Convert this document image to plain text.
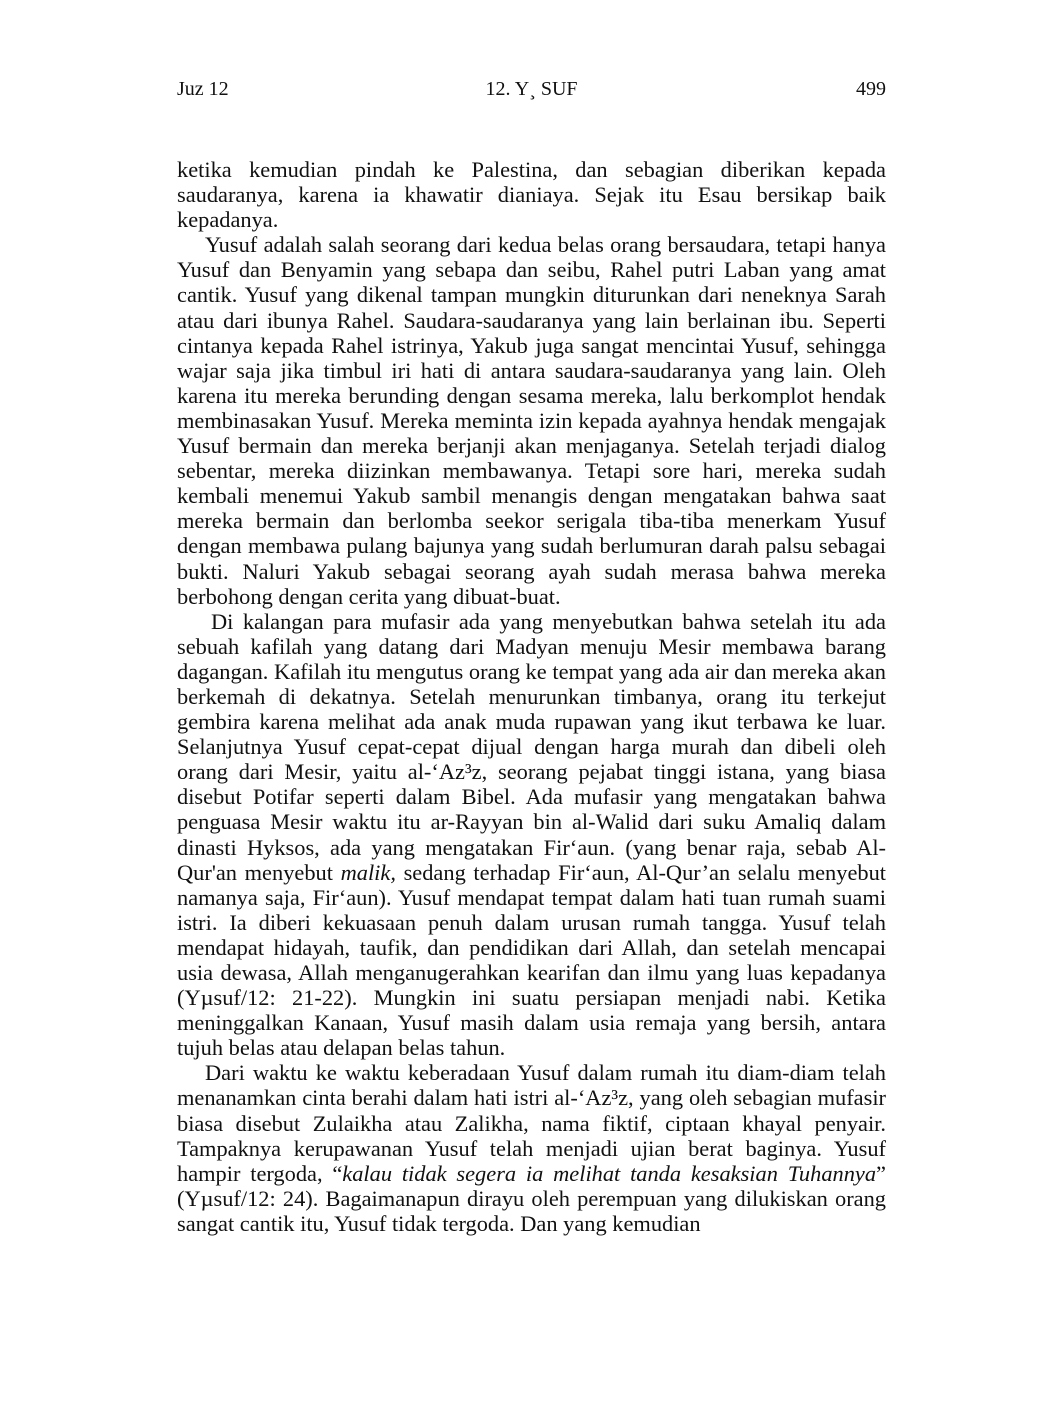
Juz 12	12. Y¸ SUF	499

ketika kemudian pindah ke Palestina, dan sebagian diberikan kepada saudaranya, karena ia khawatir dianiaya. Sejak itu Esau bersikap baik kepadanya.

Yusuf adalah salah seorang dari kedua belas orang bersaudara, tetapi hanya Yusuf dan Benyamin yang sebapa dan seibu, Rahel putri Laban yang amat cantik. Yusuf yang dikenal tampan mungkin diturunkan dari neneknya Sarah atau dari ibunya Rahel. Saudara-saudaranya yang lain berlainan ibu. Seperti cintanya kepada Rahel istrinya, Yakub juga sangat mencintai Yusuf, sehingga wajar saja jika timbul iri hati di antara saudara-saudaranya yang lain. Oleh karena itu mereka berunding dengan sesama mereka, lalu berkomplot hendak membinasakan Yusuf. Mereka meminta izin kepada ayahnya hendak mengajak Yusuf bermain dan mereka berjanji akan menjaganya. Setelah terjadi dialog sebentar, mereka diizinkan membawanya. Tetapi sore hari, mereka sudah kembali menemui Yakub sambil menangis dengan mengatakan bahwa saat mereka bermain dan berlomba seekor serigala tiba-tiba menerkam Yusuf dengan membawa pulang bajunya yang sudah berlumuran darah palsu sebagai bukti. Naluri Yakub sebagai seorang ayah sudah merasa bahwa mereka berbohong dengan cerita yang dibuat-buat.

Di kalangan para mufasir ada yang menyebutkan bahwa setelah itu ada sebuah kafilah yang datang dari Madyan menuju Mesir membawa barang dagangan. Kafilah itu mengutus orang ke tempat yang ada air dan mereka akan berkemah di dekatnya. Setelah menurunkan timbanya, orang itu terkejut gembira karena melihat ada anak muda rupawan yang ikut terbawa ke luar. Selanjutnya Yusuf cepat-cepat dijual dengan harga murah dan dibeli oleh orang dari Mesir, yaitu al-‘Az³z, seorang pejabat tinggi istana, yang biasa disebut Potifar seperti dalam Bibel. Ada mufasir yang mengatakan bahwa penguasa Mesir waktu itu ar-Rayyan bin al-Walid dari suku Amaliq dalam dinasti Hyksos, ada yang mengatakan Fir‘aun. (yang benar raja, sebab Al-Qur'an menyebut malik, sedang terhadap Fir‘aun, Al-Qur’an selalu menyebut namanya saja, Fir‘aun). Yusuf mendapat tempat dalam hati tuan rumah suami istri. Ia diberi kekuasaan penuh dalam urusan rumah tangga. Yusuf telah mendapat hidayah, taufik, dan pendidikan dari Allah, dan setelah mencapai usia dewasa, Allah menganugerahkan kearifan dan ilmu yang luas kepadanya (Yµsuf/12: 21-22). Mungkin ini suatu persiapan menjadi nabi. Ketika meninggalkan Kanaan, Yusuf masih dalam usia remaja yang bersih, antara tujuh belas atau delapan belas tahun.

Dari waktu ke waktu keberadaan Yusuf dalam rumah itu diam-diam telah menanamkan cinta berahi dalam hati istri al-‘Az³z, yang oleh sebagian mufasir biasa disebut Zulaikha atau Zalikha, nama fiktif, ciptaan khayal penyair. Tampaknya kerupawanan Yusuf telah menjadi ujian berat baginya. Yusuf hampir tergoda, “kalau tidak segera ia melihat tanda kesaksian Tuhannya” (Yµsuf/12: 24). Bagaimanapun dirayu oleh perempuan yang dilukiskan orang sangat cantik itu, Yusuf tidak tergoda. Dan yang kemudian
